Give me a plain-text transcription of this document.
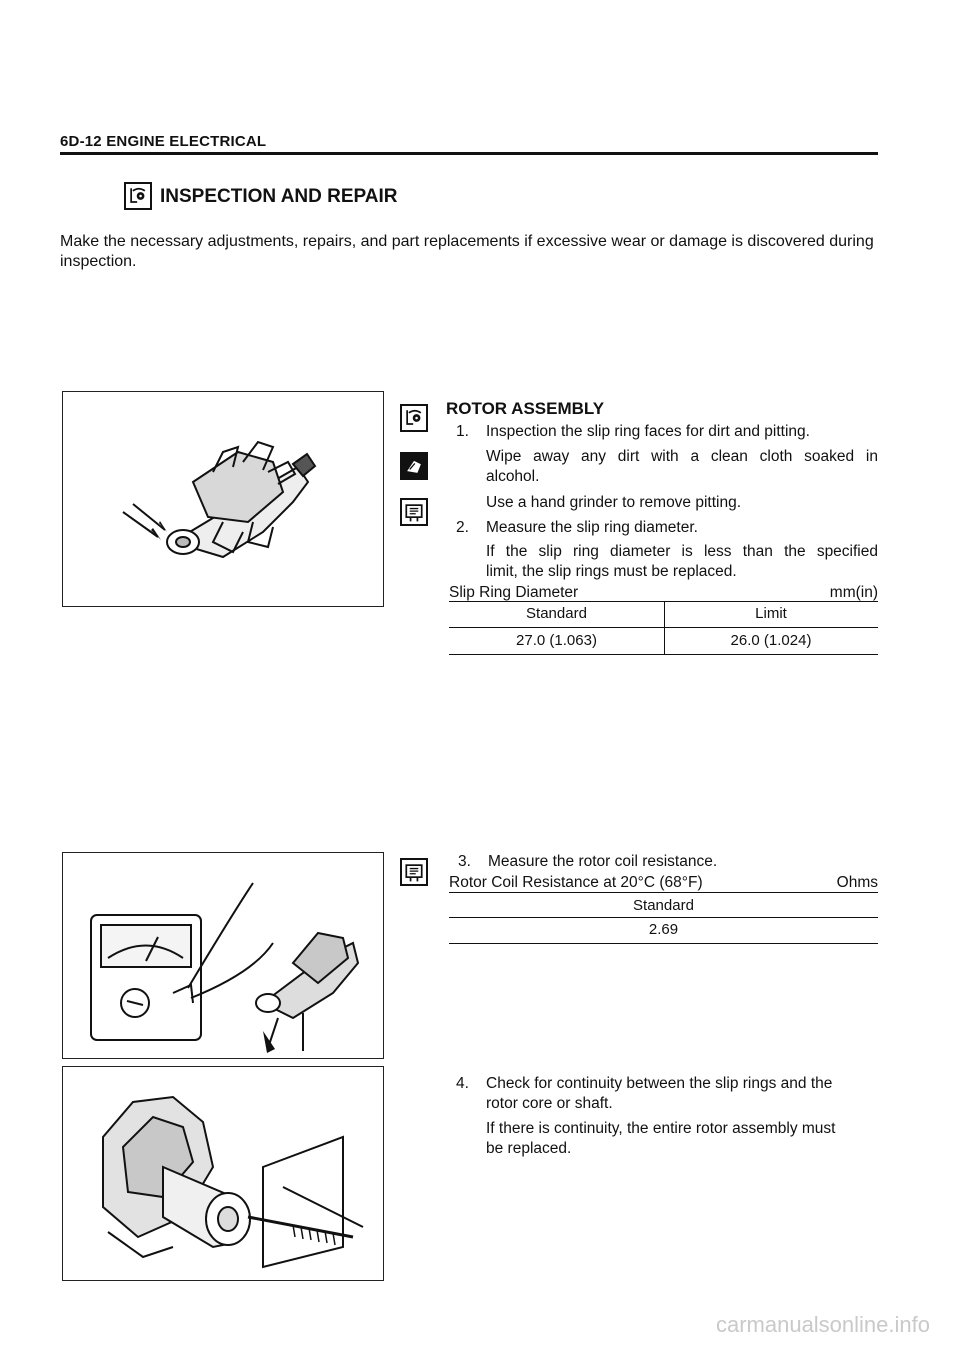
6D-12 ENGINE ELECTRICAL
INSPECTION AND REPAIR
Make the necessary adjustments, repairs, and part replacements if excessive wear or damage is discovered during inspection.
ROTOR ASSEMBLY
1. Inspection the slip ring faces for dirt and pitting.
Wipe away any dirt with a clean cloth soaked in
alcohol.
Use a hand grinder to remove pitting.
2. Measure the slip ring diameter.
If the slip ring diameter is less than the specified
limit, the slip rings must be replaced.
Slip Ring Diameter	mm(in)
Standard	Limit
27.0 (1.063)	26.0 (1.024)
3. Measure the rotor coil resistance.
Rotor Coil Resistance at 20°C (68°F)	Ohms
Standard
2.69
4. Check for continuity between the slip rings and the
rotor core or shaft.
If there is continuity, the entire rotor assembly must
be replaced.
carmanualsonline.info
